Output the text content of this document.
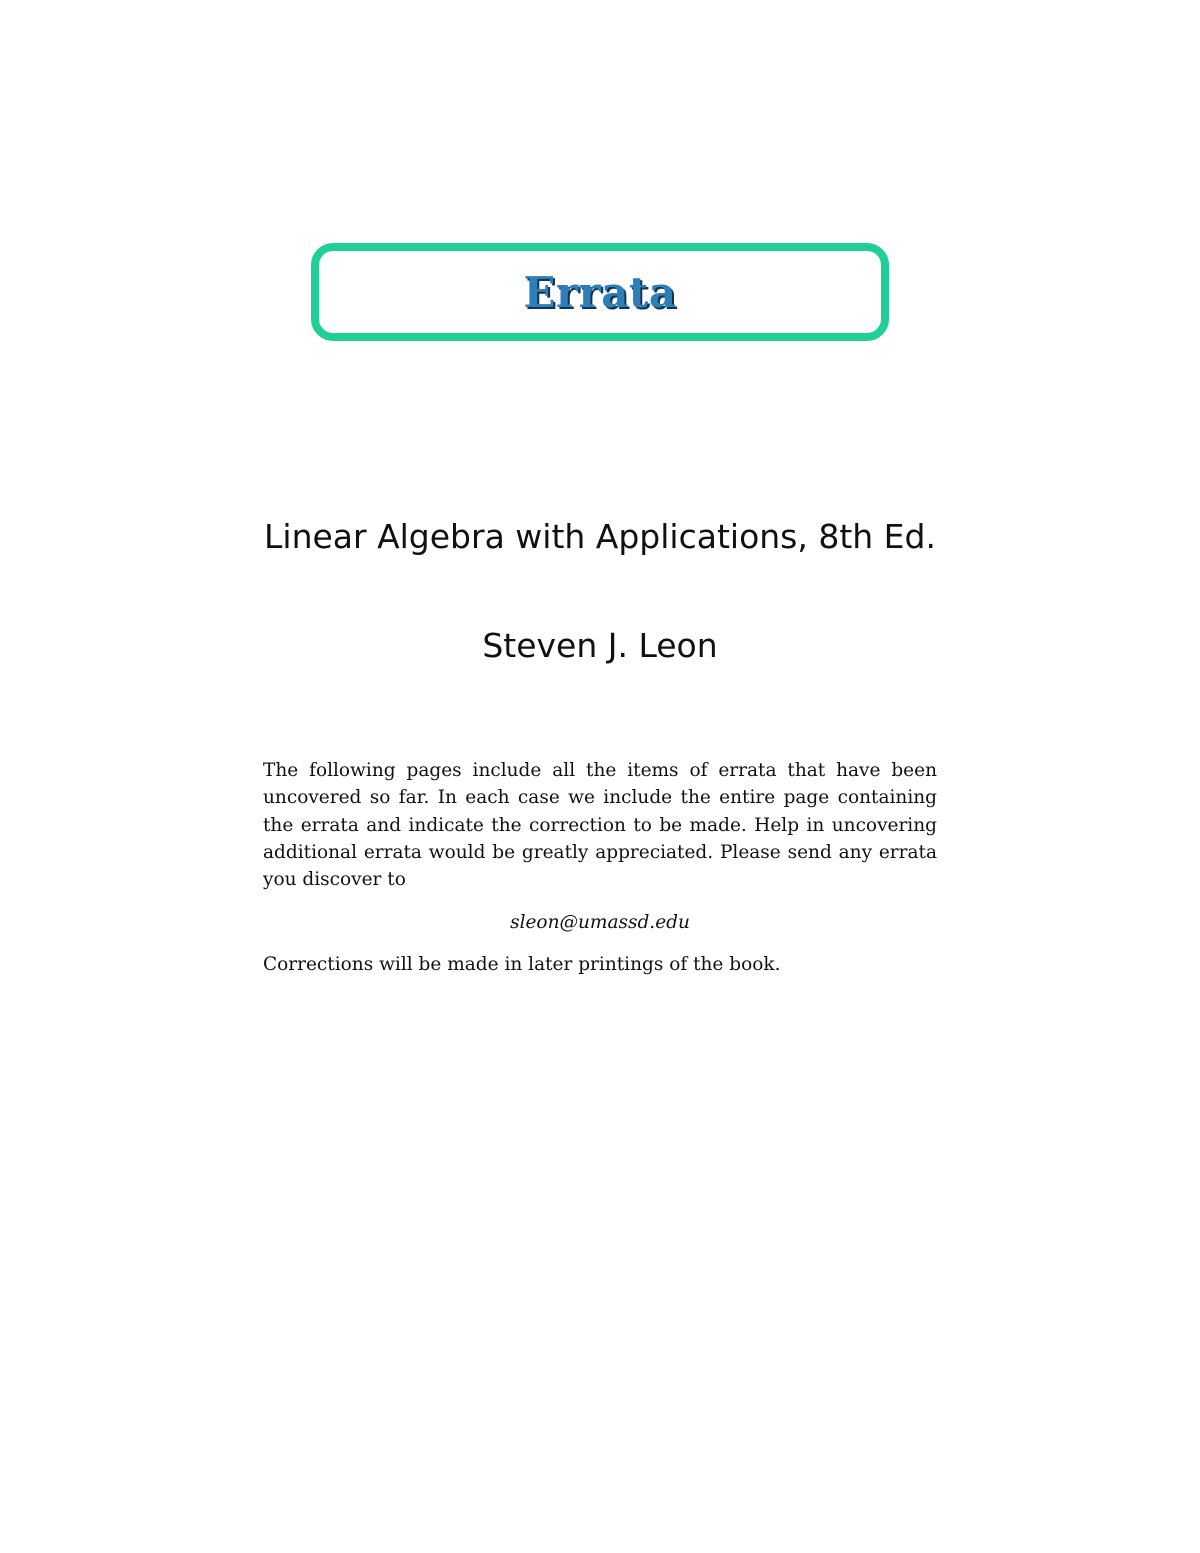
Errata
Linear Algebra with Applications, 8th Ed.
Steven J. Leon

The following pages include all the items of errata that have been uncovered so far. In each case we include the entire page containing the errata and indicate the correction to be made. Help in uncovering additional errata would be greatly appreciated. Please send any errata you discover to

sleon@umassd.edu

Corrections will be made in later printings of the book.
